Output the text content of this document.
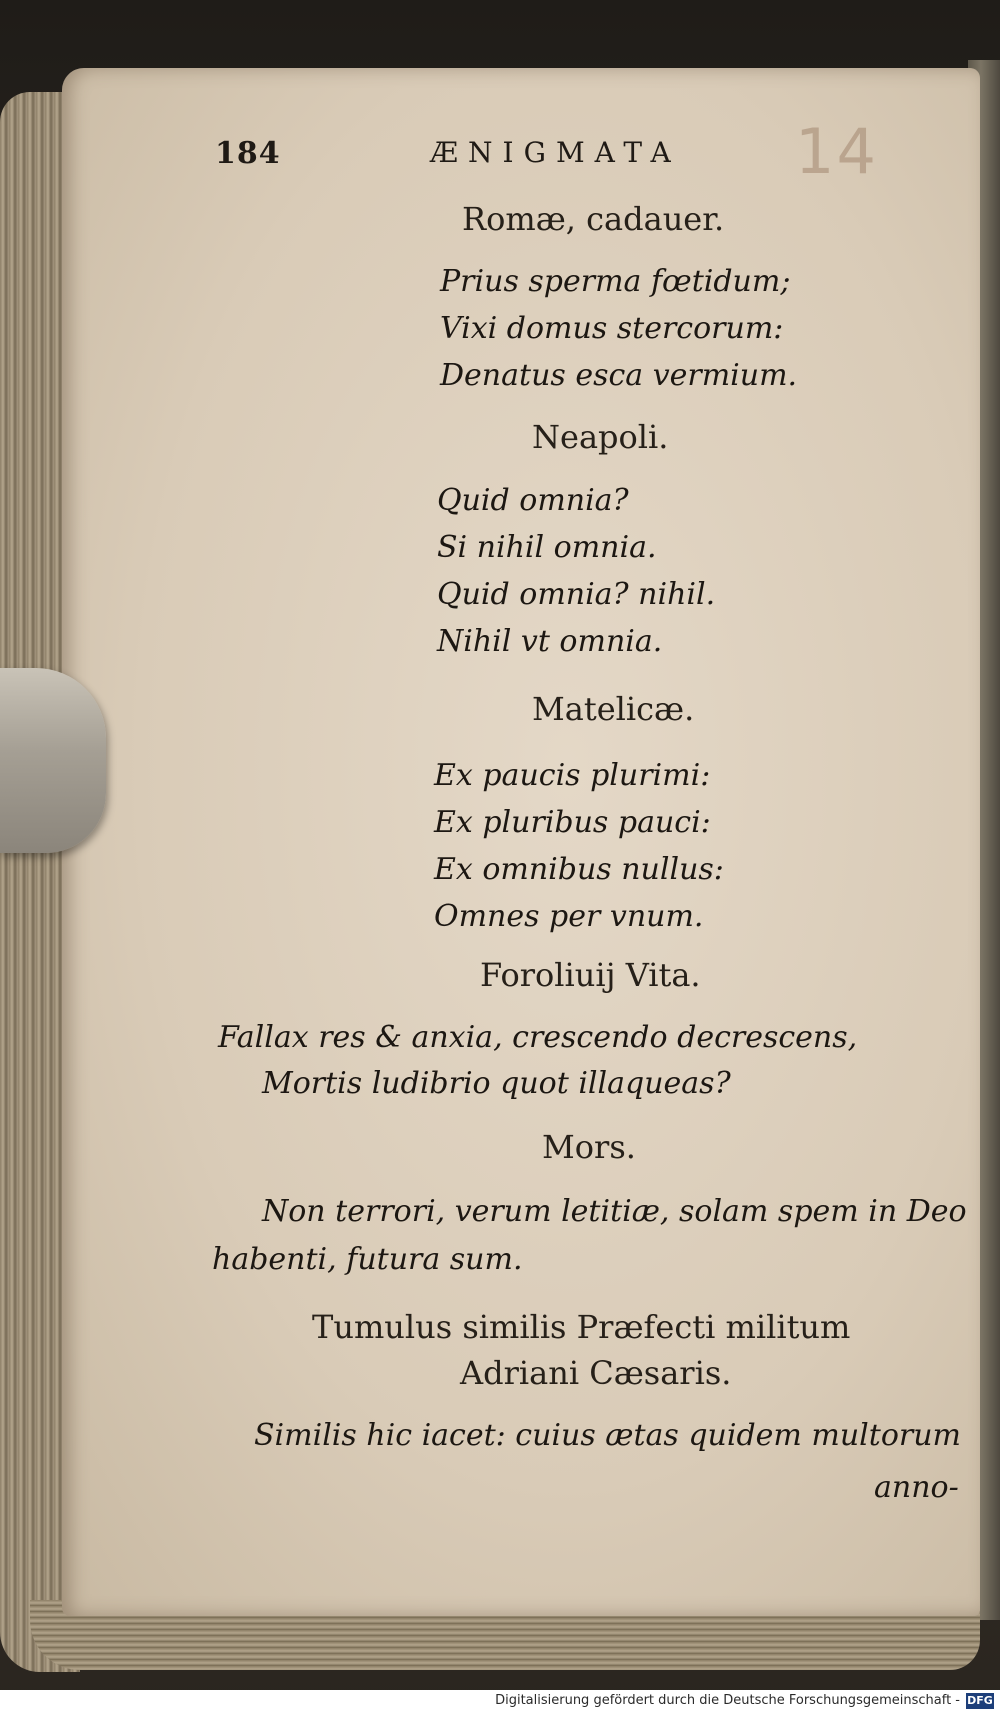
184	ÆNIGMATA 14
Romæ, cadauer.
Prius sperma fœtidum;
Vixi domus stercorum:
Denatus esca vermium.
Neapoli.
Quid omnia?
Si nihil omnia.
Quid omnia? nihil.
Nihil vt omnia.
Matelicæ.
Ex paucis plurimi:
Ex pluribus pauci:
Ex omnibus nullus:
Omnes per vnum.
Foroliuij Vita.
Fallax res & anxia, crescendo decrescens,
Mortis ludibrio quot illaqueas?
Mors.
Non terrori, verum letitiæ, solam spem in Deo
habenti, futura sum.
Tumulus similis Præfecti militum
Adriani Cæsaris.
Similis hic iacet: cuius ætas quidem multorum
anno-
Digitalisierung gefördert durch die Deutsche Forschungsgemeinschaft - DFG
